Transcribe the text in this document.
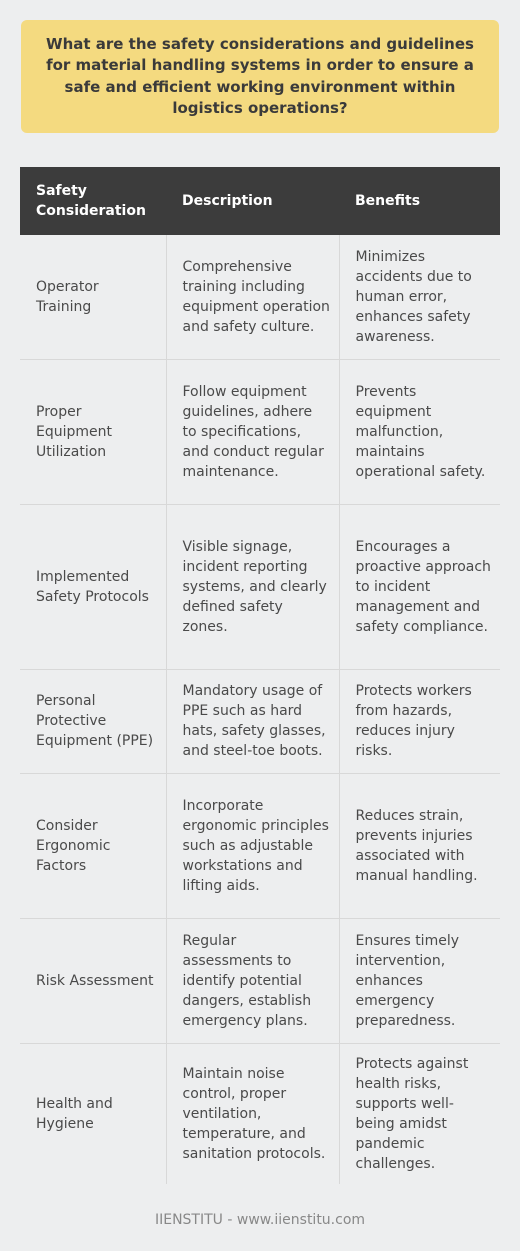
What are the safety considerations and guidelines for material handling systems in order to ensure a safe and efficient working environment within logistics operations?
Safety Consideration	Description	Benefits
Operator Training	Comprehensive training including equipment operation and safety culture.	Minimizes accidents due to human error, enhances safety awareness.
Proper Equipment Utilization	Follow equipment guidelines, adhere to specifications, and conduct regular maintenance.	Prevents equipment malfunction, maintains operational safety.
Implemented Safety Protocols	Visible signage, incident reporting systems, and clearly defined safety zones.	Encourages a proactive approach to incident management and safety compliance.
Personal Protective Equipment (PPE)	Mandatory usage of PPE such as hard hats, safety glasses, and steel-toe boots.	Protects workers from hazards, reduces injury risks.
Consider Ergonomic Factors	Incorporate ergonomic principles such as adjustable workstations and lifting aids.	Reduces strain, prevents injuries associated with manual handling.
Risk Assessment	Regular assessments to identify potential dangers, establish emergency plans.	Ensures timely intervention, enhances emergency preparedness.
Health and Hygiene	Maintain noise control, proper ventilation, temperature, and sanitation protocols.	Protects against health risks, supports well-being amidst pandemic challenges.
IIENSTITU - www.iienstitu.com
